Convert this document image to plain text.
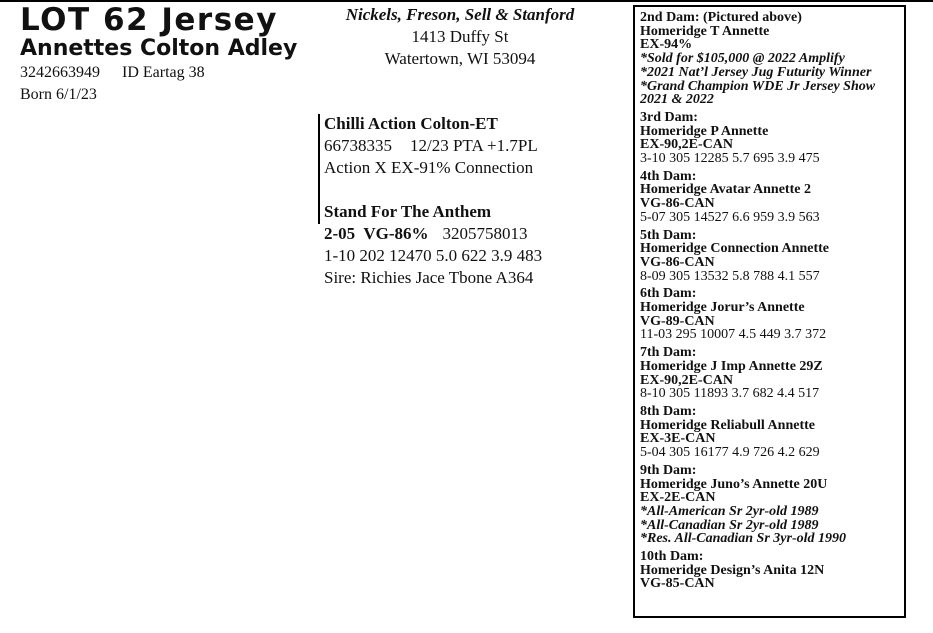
LOT 62 Jersey
Annettes Colton Adley
3242663949 ID Eartag 38
Born 6/1/23
Nickels, Freson, Sell & Stanford
1413 Duffy St
Watertown, WI 53094
Chilli Action Colton-ET
66738335 12/23 PTA +1.7PL
Action X EX-91% Connection
Stand For The Anthem
2-05  VG-86% 3205758013
1-10 202 12470 5.0 622 3.9 483
Sire: Richies Jace Tbone A364
2nd Dam: (Pictured above)
Homeridge T Annette
EX-94%
*Sold for $105,000 @ 2022 Amplify
*2021 Nat’l Jersey Jug Futurity Winner
*Grand Champion WDE Jr Jersey Show
2021 & 2022
3rd Dam:
Homeridge P Annette
EX-90,2E-CAN
3-10 305 12285 5.7 695 3.9 475
4th Dam:
Homeridge Avatar Annette 2
VG-86-CAN
5-07 305 14527 6.6 959 3.9 563
5th Dam:
Homeridge Connection Annette
VG-86-CAN
8-09 305 13532 5.8 788 4.1 557
6th Dam:
Homeridge Jorur’s Annette
VG-89-CAN
11-03 295 10007 4.5 449 3.7 372
7th Dam:
Homeridge J Imp Annette 29Z
EX-90,2E-CAN
8-10 305 11893 3.7 682 4.4 517
8th Dam:
Homeridge Reliabull Annette
EX-3E-CAN
5-04 305 16177 4.9 726 4.2 629
9th Dam:
Homeridge Juno’s Annette 20U
EX-2E-CAN
*All-American Sr 2yr-old 1989
*All-Canadian Sr 2yr-old 1989
*Res. All-Canadian Sr 3yr-old 1990
10th Dam:
Homeridge Design’s Anita 12N
VG-85-CAN
